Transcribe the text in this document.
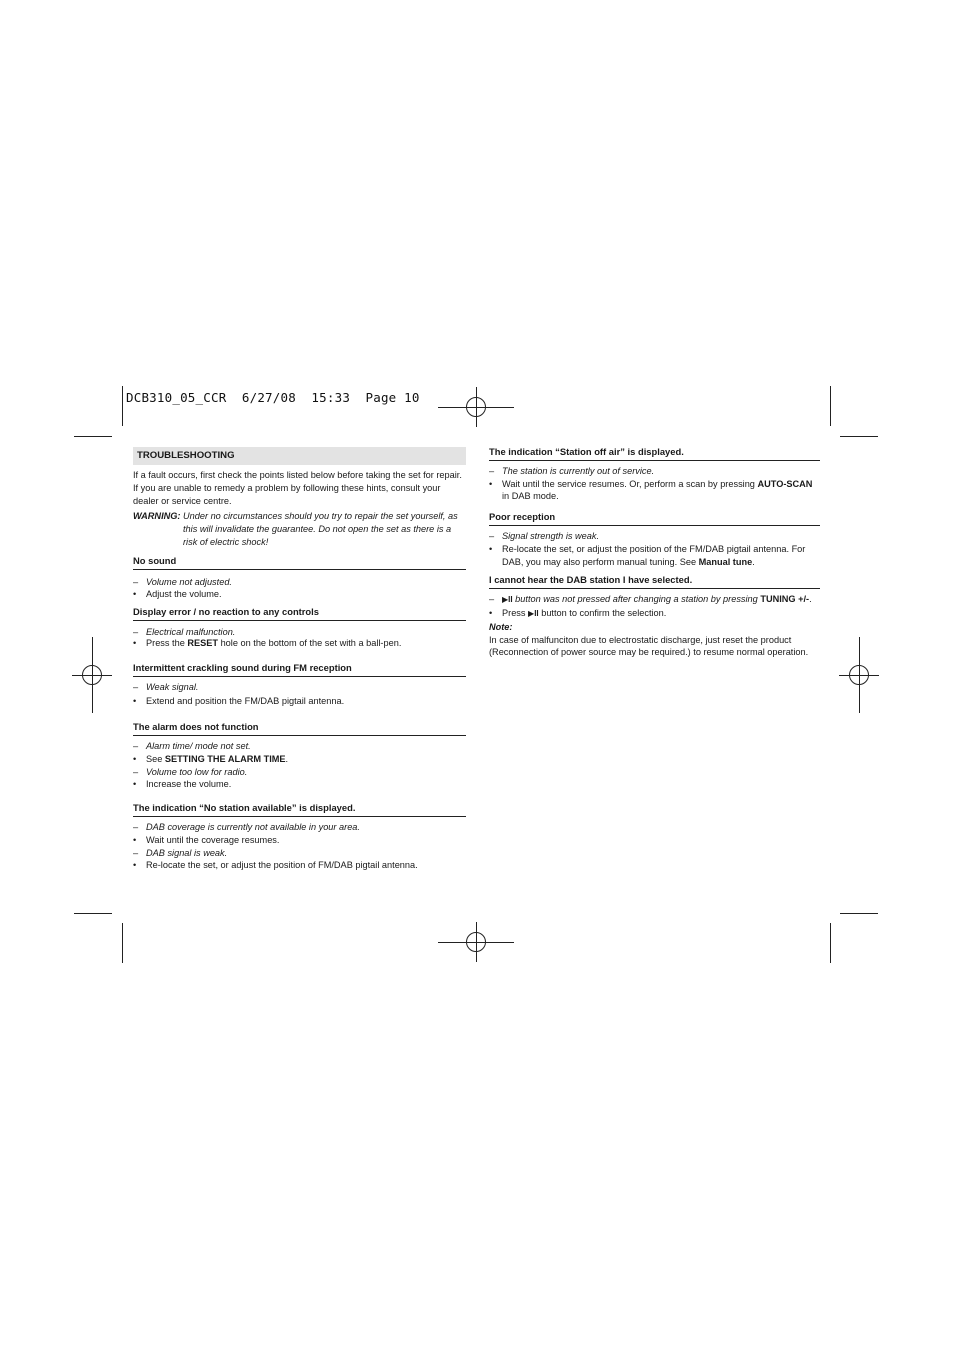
DCB310_05_CCR  6/27/08  15:33  Page 10
TROUBLESHOOTING

If a fault occurs, first check the points listed below before taking the set for repair.

If you are unable to remedy a problem by following these hints, consult your dealer or service centre.

WARNING: Under no circumstances should you try to repair the set yourself, as this will invalidate the guarantee. Do not open the set as there is a risk of electric shock!
No sound
– Volume not adjusted.
•	Adjust the volume.
Display error / no reaction to any controls
– Electrical malfunction.
•	Press the RESET hole on the bottom of the set with a ball-pen.
Intermittent crackling sound during FM reception
– Weak signal.
•	Extend and position the FM/DAB pigtail antenna.
The alarm does not function
– Alarm time/ mode not set.
•	See SETTING THE ALARM TIME.
– Volume too low for radio.
•	Increase the volume.
The indication “No station available” is displayed.
– DAB coverage is currently not available in your area.
•	Wait until the coverage resumes.
– DAB signal is weak.
•	Re-locate the set, or adjust the position of FM/DAB pigtail antenna.
The indication “Station off air” is displayed.
– The station is currently out of service.
•	Wait until the service resumes. Or, perform a scan by pressing AUTO-SCAN in DAB mode.
Poor reception
– Signal strength is weak.
•	Re-locate the set, or adjust the position of the FM/DAB pigtail antenna. For DAB, you may also perform manual tuning. See Manual tune.
I cannot hear the DAB station I have selected.
– ▶II button was not pressed after changing a station by pressing TUNING +/-.
•	Press ▶II button to confirm the selection.

Note:

In case of malfunciton due to electrostatic discharge, just reset the product (Reconnection of power source may be required.) to resume normal operation.
